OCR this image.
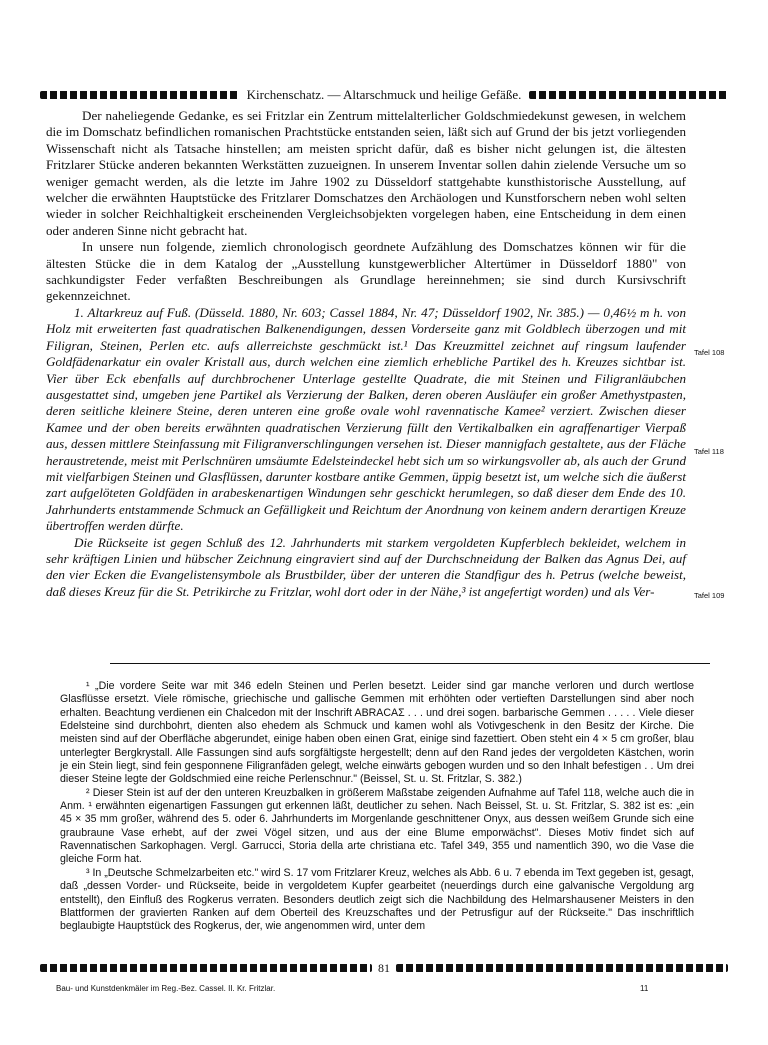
Kirchenschatz. — Altarschmuck und heilige Gefäße.

Der naheliegende Gedanke, es sei Fritzlar ein Zentrum mittelalterlicher Goldschmiedekunst gewesen, in welchem die im Domschatz befindlichen romanischen Prachtstücke entstanden seien, läßt sich auf Grund der bis jetzt vorliegenden Wissenschaft nicht als Tatsache hinstellen; am meisten spricht dafür, daß es bisher nicht gelungen ist, die ältesten Fritzlarer Stücke anderen bekannten Werkstätten zuzueignen. In unserem Inventar sollen dahin zielende Versuche um so weniger gemacht werden, als die letzte im Jahre 1902 zu Düsseldorf stattgehabte kunsthistorische Ausstellung, auf welcher die erwähnten Hauptstücke des Fritzlarer Domschatzes den Archäologen und Kunstforschern neben wohl selten wieder in solcher Reichhaltigkeit erscheinenden Vergleichsobjekten vorgelegen haben, eine Entscheidung in dem einen oder anderen Sinne nicht gebracht hat.

In unsere nun folgende, ziemlich chronologisch geordnete Aufzählung des Domschatzes können wir für die ältesten Stücke die in dem Katalog der „Ausstellung kunstgewerblicher Altertümer in Düsseldorf 1880" von sachkundigster Feder verfaßten Beschreibungen als Grundlage hereinnehmen; sie sind durch Kursivschrift gekennzeichnet.

1. Altarkreuz auf Fuß. (Düsseld. 1880, Nr. 603; Cassel 1884, Nr. 47; Düsseldorf 1902, Nr. 385.) — 0,46½ m h. von Holz mit erweiterten fast quadratischen Balkenendigungen, dessen Vorderseite ganz mit Goldblech überzogen und mit Filigran, Steinen, Perlen etc. aufs allerreichste geschmückt ist.¹ Das Kreuzmittel zeichnet auf ringsum laufender Goldfädenarkatur ein ovaler Kristall aus, durch welchen eine ziemlich erhebliche Partikel des h. Kreuzes sichtbar ist. Vier über Eck ebenfalls auf durchbrochener Unterlage gestellte Quadrate, die mit Steinen und Filigranläubchen ausgestattet sind, umgeben jene Partikel als Verzierung der Balken, deren oberen Ausläufer ein großer Amethystpasten, deren seitliche kleinere Steine, deren unteren eine große ovale wohl ravennatische Kamee² verziert. Zwischen dieser Kamee und der oben bereits erwähnten quadratischen Verzierung füllt den Vertikalbalken ein agraffenartiger Vierpaß aus, dessen mittlere Steinfassung mit Filigranverschlingungen versehen ist. Dieser mannigfach gestaltete, aus der Fläche heraustretende, meist mit Perlschnüren umsäumte Edelsteindeckel hebt sich um so wirkungsvoller ab, als auch der Grund mit vielfarbigen Steinen und Glasflüssen, darunter kostbare antike Gemmen, üppig besetzt ist, um welche sich die äußerst zart aufgelöteten Goldfäden in arabeskenartigen Windungen sehr geschickt herumlegen, so daß dieser dem Ende des 10. Jahrhunderts entstammende Schmuck an Gefälligkeit und Reichtum der Anordnung von keinem andern derartigen Kreuze übertroffen werden dürfte.

Die Rückseite ist gegen Schluß des 12. Jahrhunderts mit starkem vergoldeten Kupferblech bekleidet, welchem in sehr kräftigen Linien und hübscher Zeichnung eingraviert sind auf der Durchschneidung der Balken das Agnus Dei, auf den vier Ecken die Evangelistensymbole als Brustbilder, über der unteren die Standfigur des h. Petrus (welche beweist, daß dieses Kreuz für die St. Petrikirche zu Fritzlar, wohl dort oder in der Nähe,³ ist angefertigt worden) und als Ver-

Tafel 108
Tafel 118
Tafel 109

¹ „Die vordere Seite war mit 346 edeln Steinen und Perlen besetzt. Leider sind gar manche verloren und durch wertlose Glasflüsse ersetzt. Viele römische, griechische und gallische Gemmen mit erhöhten oder vertieften Darstellungen sind aber noch erhalten. Beachtung verdienen ein Chalcedon mit der Inschrift ABRACAΣ . . . und drei sogen. barbarische Gemmen . . . . . Viele dieser Edelsteine sind durchbohrt, dienten also ehedem als Schmuck und kamen wohl als Votivgeschenk in den Besitz der Kirche. Die meisten sind auf der Oberfläche abgerundet, einige haben oben einen Grat, einige sind fazettiert. Oben steht ein 4 × 5 cm großer, blau unterlegter Bergkrystall. Alle Fassungen sind aufs sorgfältigste hergestellt; denn auf den Rand jedes der vergoldeten Kästchen, worin je ein Stein liegt, sind fein gesponnene Filigranfäden gelegt, welche einwärts gebogen wurden und so den Inhalt befestigen . . Um drei dieser Steine legte der Goldschmied eine reiche Perlenschnur." (Beissel, St. u. St. Fritzlar, S. 382.)

² Dieser Stein ist auf der den unteren Kreuzbalken in größerem Maßstabe zeigenden Aufnahme auf Tafel 118, welche auch die in Anm. ¹ erwähnten eigenartigen Fassungen gut erkennen läßt, deutlicher zu sehen. Nach Beissel, St. u. St. Fritzlar, S. 382 ist es: „ein 45 × 35 mm großer, während des 5. oder 6. Jahrhunderts im Morgenlande geschnittener Onyx, aus dessen weißem Grunde sich eine graubraune Vase erhebt, auf der zwei Vögel sitzen, und aus der eine Blume emporwächst". Dieses Motiv findet sich auf Ravennatischen Sarkophagen. Vergl. Garrucci, Storia della arte christiana etc. Tafel 349, 355 und namentlich 390, wo die Vase die gleiche Form hat.

³ In „Deutsche Schmelzarbeiten etc." wird S. 17 vom Fritzlarer Kreuz, welches als Abb. 6 u. 7 ebenda im Text gegeben ist, gesagt, daß „dessen Vorder- und Rückseite, beide in vergoldetem Kupfer gearbeitet (neuerdings durch eine galvanische Vergoldung arg entstellt), den Einfluß des Rogkerus verraten. Besonders deutlich zeigt sich die Nachbildung des Helmarshausener Meisters in den Blattformen der gravierten Ranken auf dem Oberteil des Kreuzschaftes und der Petrusfigur auf der Rückseite." Das inschriftlich beglaubigte Hauptstück des Rogkerus, der, wie angenommen wird, unter dem

81
Bau- und Kunstdenkmäler im Reg.-Bez. Cassel. II. Kr. Fritzlar.	11
